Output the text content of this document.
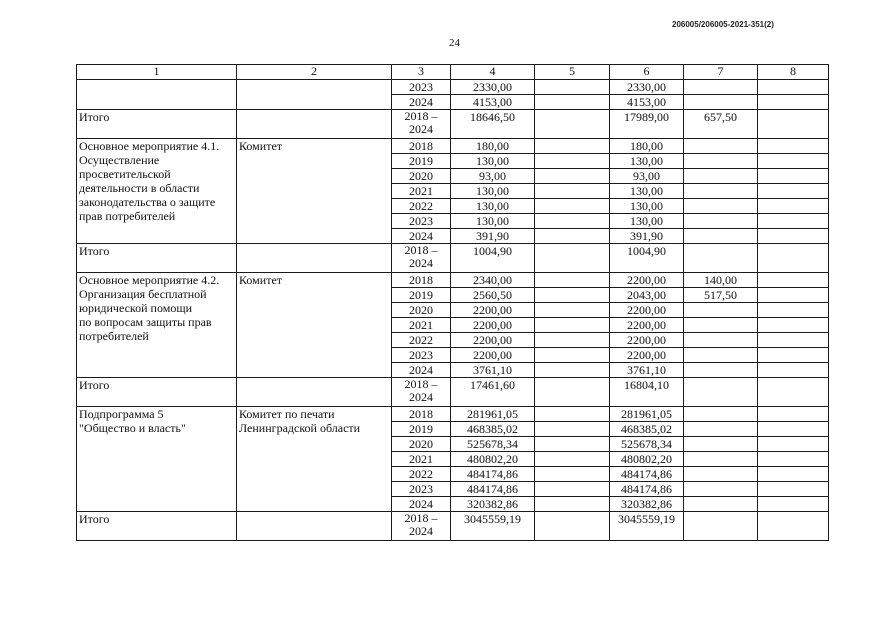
206005/206005-2021-351(2)
24
1	2	3	4	5	6	7	8
		2023	2330,00		2330,00		
		2024	4153,00		4153,00		
Итого		2018 –
2024	18646,50		17989,00	657,50	

Основное мероприятие 4.1.
Осуществление просветительской деятельности в области законодательства о защите прав потребителей	Комитет	2018	180,00		180,00		
		2019	130,00		130,00		
		2020	93,00		93,00		
		2021	130,00		130,00		
		2022	130,00		130,00		
		2023	130,00		130,00		
		2024	391,90		391,90		
Итого		2018 –
2024	1004,90		1004,90		

Основное мероприятие 4.2.
Организация бесплатной юридической помощи
по вопросам защиты прав потребителей	Комитет	2018	2340,00		2200,00	140,00	
		2019	2560,50		2043,00	517,50	
		2020	2200,00		2200,00		
		2021	2200,00		2200,00		
		2022	2200,00		2200,00		
		2023	2200,00		2200,00		
		2024	3761,10		3761,10		
Итого		2018 –
2024	17461,60		16804,10		

Подпрограмма 5
"Общество и власть"	Комитет по печати Ленинградской области	2018	281961,05		281961,05		
		2019	468385,02		468385,02		
		2020	525678,34		525678,34		
		2021	480802,20		480802,20		
		2022	484174,86		484174,86		
		2023	484174,86		484174,86		
		2024	320382,86		320382,86		
Итого		2018 –
2024	3045559,19		3045559,19		
